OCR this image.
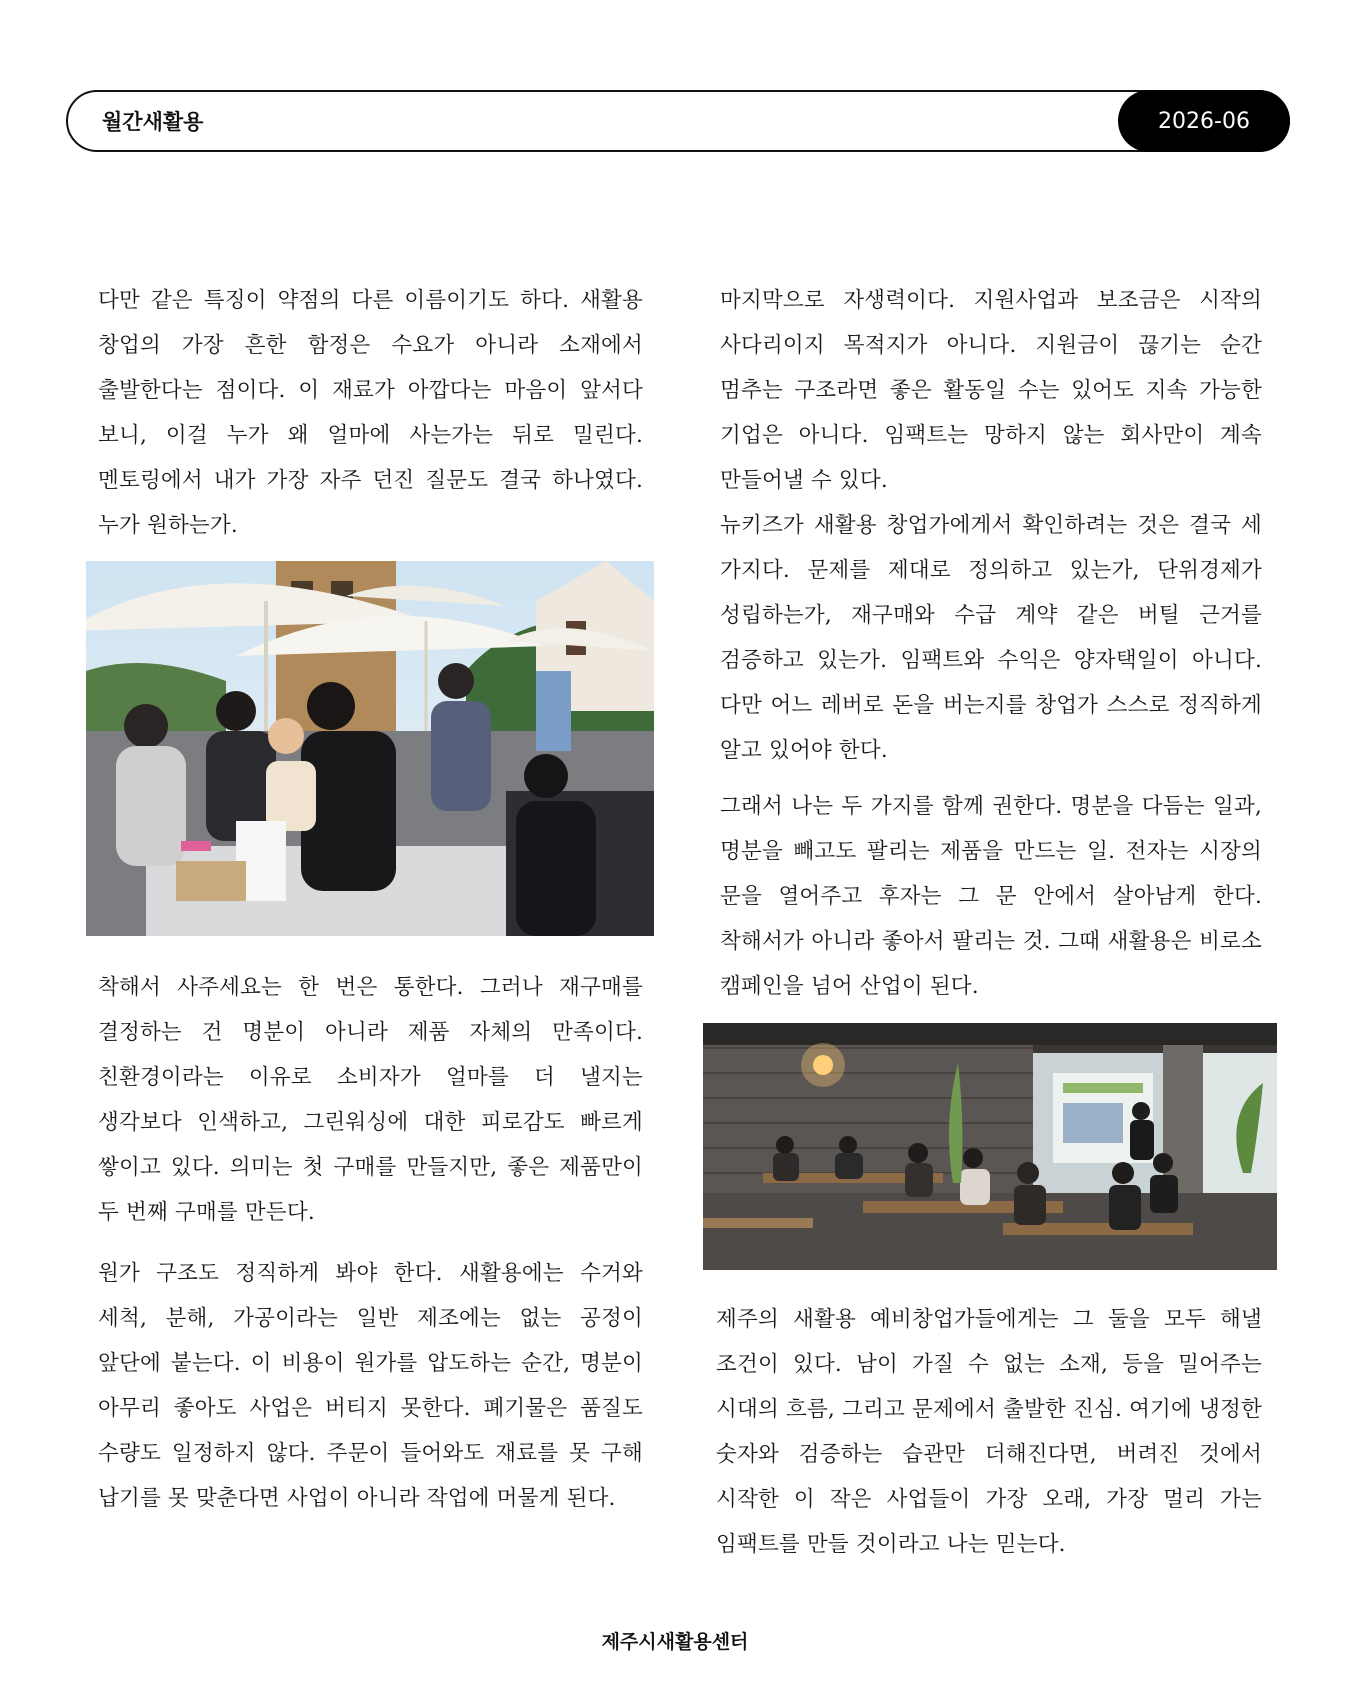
월간새활용	2026-06

다만 같은 특징이 약점의 다른 이름이기도 하다. 새활용 창업의 가장 흔한 함정은 수요가 아니라 소재에서 출발한다는 점이다. 이 재료가 아깝다는 마음이 앞서다 보니, 이걸 누가 왜 얼마에 사는가는 뒤로 밀린다. 멘토링에서 내가 가장 자주 던진 질문도 결국 하나였다. 누가 원하는가.

착해서 사주세요는 한 번은 통한다. 그러나 재구매를 결정하는 건 명분이 아니라 제품 자체의 만족이다. 친환경이라는 이유로 소비자가 얼마를 더 낼지는 생각보다 인색하고, 그린워싱에 대한 피로감도 빠르게 쌓이고 있다. 의미는 첫 구매를 만들지만, 좋은 제품만이 두 번째 구매를 만든다.

원가 구조도 정직하게 봐야 한다. 새활용에는 수거와 세척, 분해, 가공이라는 일반 제조에는 없는 공정이 앞단에 붙는다. 이 비용이 원가를 압도하는 순간, 명분이 아무리 좋아도 사업은 버티지 못한다. 폐기물은 품질도 수량도 일정하지 않다. 주문이 들어와도 재료를 못 구해 납기를 못 맞춘다면 사업이 아니라 작업에 머물게 된다.

마지막으로 자생력이다. 지원사업과 보조금은 시작의 사다리이지 목적지가 아니다. 지원금이 끊기는 순간 멈추는 구조라면 좋은 활동일 수는 있어도 지속 가능한 기업은 아니다. 임팩트는 망하지 않는 회사만이 계속 만들어낼 수 있다.

뉴키즈가 새활용 창업가에게서 확인하려는 것은 결국 세 가지다. 문제를 제대로 정의하고 있는가, 단위경제가 성립하는가, 재구매와 수급 계약 같은 버틸 근거를 검증하고 있는가. 임팩트와 수익은 양자택일이 아니다. 다만 어느 레버로 돈을 버는지를 창업가 스스로 정직하게 알고 있어야 한다.

그래서 나는 두 가지를 함께 권한다. 명분을 다듬는 일과, 명분을 빼고도 팔리는 제품을 만드는 일. 전자는 시장의 문을 열어주고 후자는 그 문 안에서 살아남게 한다. 착해서가 아니라 좋아서 팔리는 것. 그때 새활용은 비로소 캠페인을 넘어 산업이 된다.

제주의 새활용 예비창업가들에게는 그 둘을 모두 해낼 조건이 있다. 남이 가질 수 없는 소재, 등을 밀어주는 시대의 흐름, 그리고 문제에서 출발한 진심. 여기에 냉정한 숫자와 검증하는 습관만 더해진다면, 버려진 것에서 시작한 이 작은 사업들이 가장 오래, 가장 멀리 가는 임팩트를 만들 것이라고 나는 믿는다.

제주시새활용센터
